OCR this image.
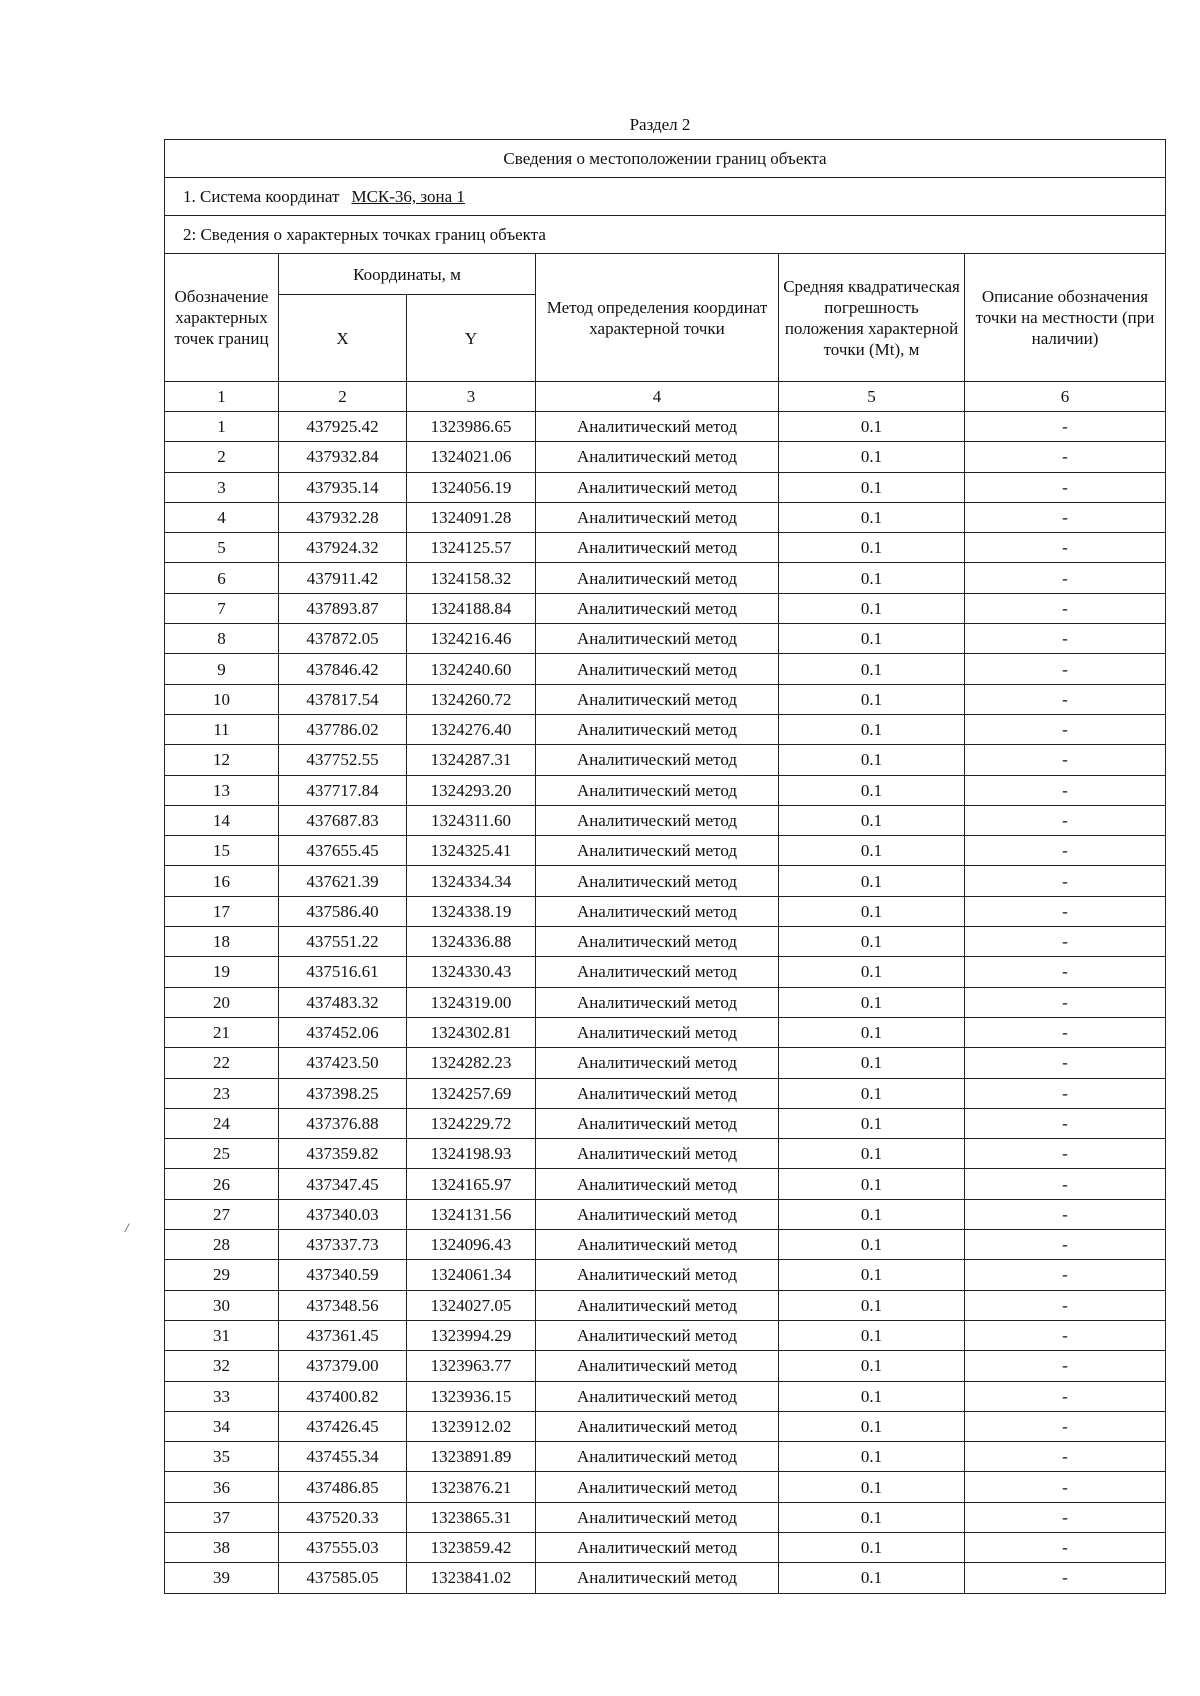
Раздел 2
Сведения о местоположении границ объекта					
1. Система координат МСК-36, зона 1					
2: Сведения о характерных точках границ объекта					
Обозначение характерных точек границ	Координаты, м		Метод определения координат характерной точки	Средняя квадратическая погрешность положения характерной точки (Mt), м	Описание обозначения точки на местности (при наличии)
	X	Y			
1	2	3	4	5	6
1	437925.42	1323986.65	Аналитический метод	0.1	-
2	437932.84	1324021.06	Аналитический метод	0.1	-
3	437935.14	1324056.19	Аналитический метод	0.1	-
4	437932.28	1324091.28	Аналитический метод	0.1	-
5	437924.32	1324125.57	Аналитический метод	0.1	-
6	437911.42	1324158.32	Аналитический метод	0.1	-
7	437893.87	1324188.84	Аналитический метод	0.1	-
8	437872.05	1324216.46	Аналитический метод	0.1	-
9	437846.42	1324240.60	Аналитический метод	0.1	-
10	437817.54	1324260.72	Аналитический метод	0.1	-
11	437786.02	1324276.40	Аналитический метод	0.1	-
12	437752.55	1324287.31	Аналитический метод	0.1	-
13	437717.84	1324293.20	Аналитический метод	0.1	-
14	437687.83	1324311.60	Аналитический метод	0.1	-
15	437655.45	1324325.41	Аналитический метод	0.1	-
16	437621.39	1324334.34	Аналитический метод	0.1	-
17	437586.40	1324338.19	Аналитический метод	0.1	-
18	437551.22	1324336.88	Аналитический метод	0.1	-
19	437516.61	1324330.43	Аналитический метод	0.1	-
20	437483.32	1324319.00	Аналитический метод	0.1	-
21	437452.06	1324302.81	Аналитический метод	0.1	-
22	437423.50	1324282.23	Аналитический метод	0.1	-
23	437398.25	1324257.69	Аналитический метод	0.1	-
24	437376.88	1324229.72	Аналитический метод	0.1	-
25	437359.82	1324198.93	Аналитический метод	0.1	-
26	437347.45	1324165.97	Аналитический метод	0.1	-
27	437340.03	1324131.56	Аналитический метод	0.1	-
28	437337.73	1324096.43	Аналитический метод	0.1	-
29	437340.59	1324061.34	Аналитический метод	0.1	-
30	437348.56	1324027.05	Аналитический метод	0.1	-
31	437361.45	1323994.29	Аналитический метод	0.1	-
32	437379.00	1323963.77	Аналитический метод	0.1	-
33	437400.82	1323936.15	Аналитический метод	0.1	-
34	437426.45	1323912.02	Аналитический метод	0.1	-
35	437455.34	1323891.89	Аналитический метод	0.1	-
36	437486.85	1323876.21	Аналитический метод	0.1	-
37	437520.33	1323865.31	Аналитический метод	0.1	-
38	437555.03	1323859.42	Аналитический метод	0.1	-
39	437585.05	1323841.02	Аналитический метод	0.1	-
/
